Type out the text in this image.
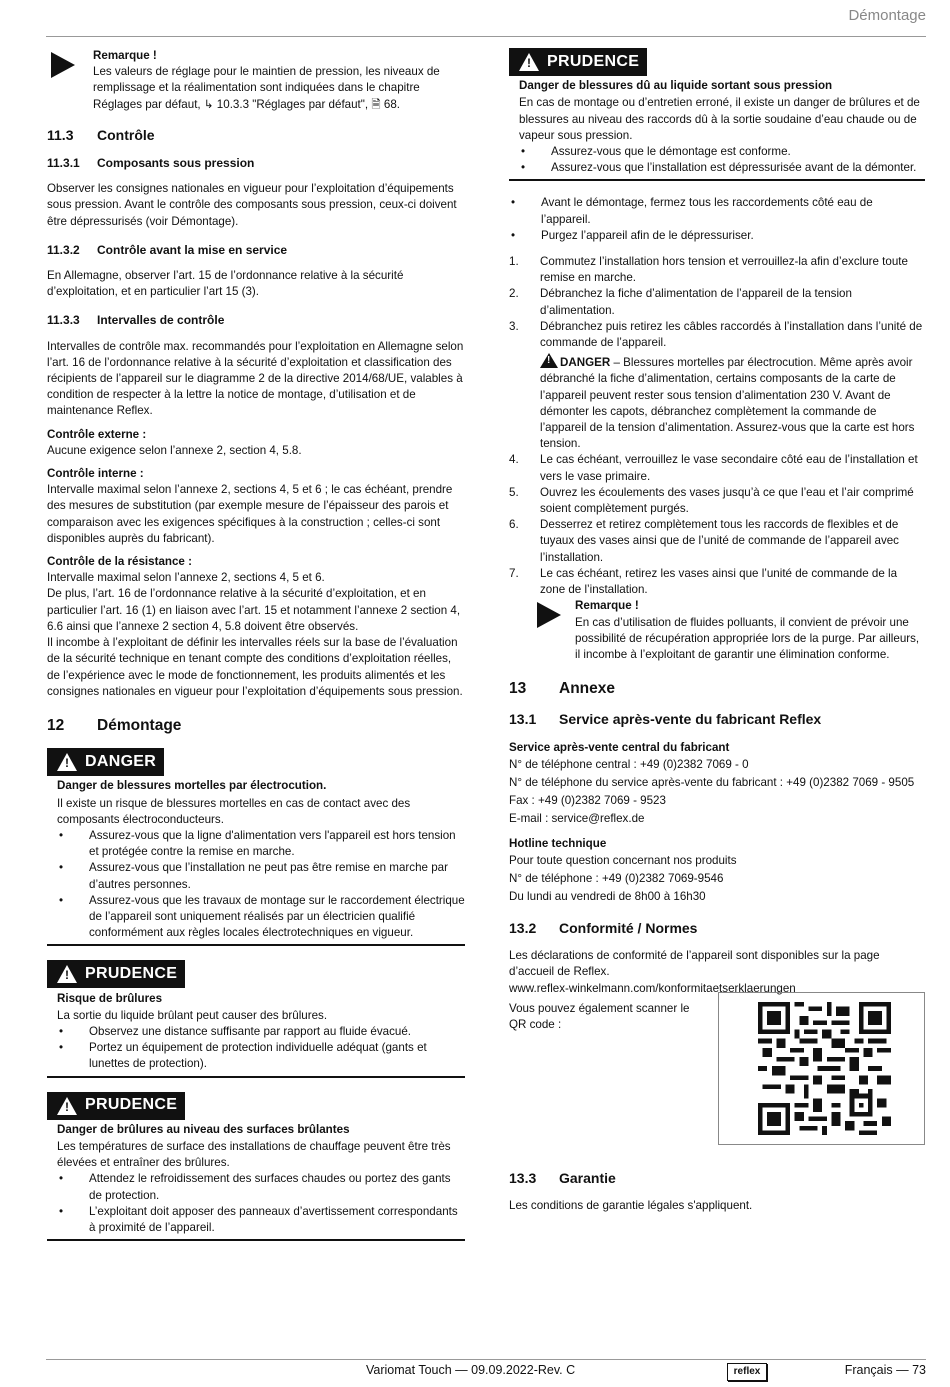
Démontage
Remarque !
Les valeurs de réglage pour le maintien de pression, les niveaux de remplissage et la réalimentation sont indiquées dans le chapitre Réglages par défaut, ↳ 10.3.3 "Réglages par défaut", 🗎 68.
11.3	Contrôle
11.3.1	Composants sous pression

Observer les consignes nationales en vigueur pour l’exploitation d’équipements sous pression. Avant le contrôle des composants sous pression, ceux-ci doivent être dépressurisés (voir Démontage).

11.3.2	Contrôle avant la mise en service

En Allemagne, observer l’art. 15 de l’ordonnance relative à la sécurité d’exploitation, et en particulier l’art 15 (3).

11.3.3	Intervalles de contrôle

Intervalles de contrôle max. recommandés pour l’exploitation en Allemagne selon l’art. 16 de l’ordonnance relative à la sécurité d’exploitation et classification des récipients de l’appareil sur le diagramme 2 de la directive 2014/68/UE, valables à condition de respecter à la lettre la notice de montage, d’utilisation et de maintenance Reflex.

Contrôle externe :

Aucune exigence selon l’annexe 2, section 4, 5.8.

Contrôle interne :

Intervalle maximal selon l’annexe 2, sections 4, 5 et 6 ; le cas échéant, prendre des mesures de substitution (par exemple mesure de l’épaisseur des parois et comparaison avec les exigences spécifiques à la construction ; celles-ci sont disponibles auprès du fabricant).

Contrôle de la résistance :
Intervalle maximal selon l’annexe 2, sections 4, 5 et 6.
De plus, l’art. 16 de l’ordonnance relative à la sécurité d’exploitation, et en particulier l’art. 16 (1) en liaison avec l’art. 15 et notamment l’annexe 2 section 4, 6.6 ainsi que l’annexe 2 section 4, 5.8 doivent être observés.
Il incombe à l’exploitant de définir les intervalles réels sur la base de l’évaluation de la sécurité technique en tenant compte des conditions d’exploitation réelles, de l’expérience avec le mode de fonctionnement, les produits alimentés et les consignes nationales en vigueur pour l’exploitation d’équipements sous pression.
12	Démontage
! DANGER
Danger de blessures mortelles par électrocution.
Il existe un risque de blessures mortelles en cas de contact avec des composants électroconducteurs.
• Assurez-vous que la ligne d'alimentation vers l'appareil est hors tension et protégée contre la remise en marche.
• Assurez-vous que l’installation ne peut pas être remise en marche par d’autres personnes.
• Assurez-vous que les travaux de montage sur le raccordement électrique de l’appareil sont uniquement réalisés par un électricien qualifié conformément aux règles locales électrotechniques en vigueur.
! PRUDENCE
Risque de brûlures
La sortie du liquide brûlant peut causer des brûlures.
• Observez une distance suffisante par rapport au fluide évacué.
• Portez un équipement de protection individuelle adéquat (gants et lunettes de protection).
! PRUDENCE
Danger de brûlures au niveau des surfaces brûlantes
Les températures de surface des installations de chauffage peuvent être très élevées et entraîner des brûlures.
• Attendez le refroidissement des surfaces chaudes ou portez des gants de protection.
• L’exploitant doit apposer des panneaux d’avertissement correspondants à proximité de l’appareil.
! PRUDENCE
Danger de blessures dû au liquide sortant sous pression
En cas de montage ou d’entretien erroné, il existe un danger de brûlures et de blessures au niveau des raccords dû à la sortie soudaine d’eau chaude ou de vapeur sous pression.
• Assurez-vous que le démontage est conforme.
• Assurez-vous que l’installation est dépressurisée avant de la démonter.
• Avant le démontage, fermez tous les raccordements côté eau de l’appareil.
• Purgez l’appareil afin de le dépressuriser.
1.	Commutez l’installation hors tension et verrouillez-la afin d’exclure toute remise en marche.
2.	Débranchez la fiche d’alimentation de l’appareil de la tension d’alimentation.
3.	Débranchez puis retirez les câbles raccordés à l’installation dans l’unité de commande de l’appareil.
! DANGER – Blessures mortelles par électrocution. Même après avoir débranché la fiche d’alimentation, certains composants de la carte de l’appareil peuvent rester sous tension d’alimentation 230 V. Avant de démonter les capots, débranchez complètement la commande de l’appareil de la tension d’alimentation. Assurez-vous que la carte est hors tension.
4.	Le cas échéant, verrouillez le vase secondaire côté eau de l’installation et vers le vase primaire.
5.	Ouvrez les écoulements des vases jusqu’à ce que l’eau et l’air comprimé soient complètement purgés.
6.	Desserrez et retirez complètement tous les raccords de flexibles et de tuyaux des vases ainsi que de l’unité de commande de l’appareil avec l’installation.
7.	Le cas échéant, retirez les vases ainsi que l’unité de commande de la zone de l’installation.
Remarque !
En cas d’utilisation de fluides polluants, il convient de prévoir une possibilité de récupération appropriée lors de la purge. Par ailleurs, il incombe à l’exploitant de garantir une élimination conforme.
13	Annexe
13.1	Service après-vente du fabricant Reflex
Service après-vente central du fabricant
N° de téléphone central : +49 (0)2382 7069 - 0
N° de téléphone du service après-vente du fabricant : +49 (0)2382 7069 - 9505
Fax : +49 (0)2382 7069 - 9523
E-mail : service@reflex.de
Hotline technique
Pour toute question concernant nos produits
N° de téléphone : +49 (0)2382 7069-9546
Du lundi au vendredi de 8h00 à 16h30
13.2	Conformité / Normes
Les déclarations de conformité de l’appareil sont disponibles sur la page d’accueil de Reflex.
www.reflex-winkelmann.com/konformitaetserklaerungen
Vous pouvez également scanner le QR code :
13.3	Garantie
Les conditions de garantie légales s'appliquent.
Variomat Touch — 09.09.2022-Rev. C	reflex	Français — 73
